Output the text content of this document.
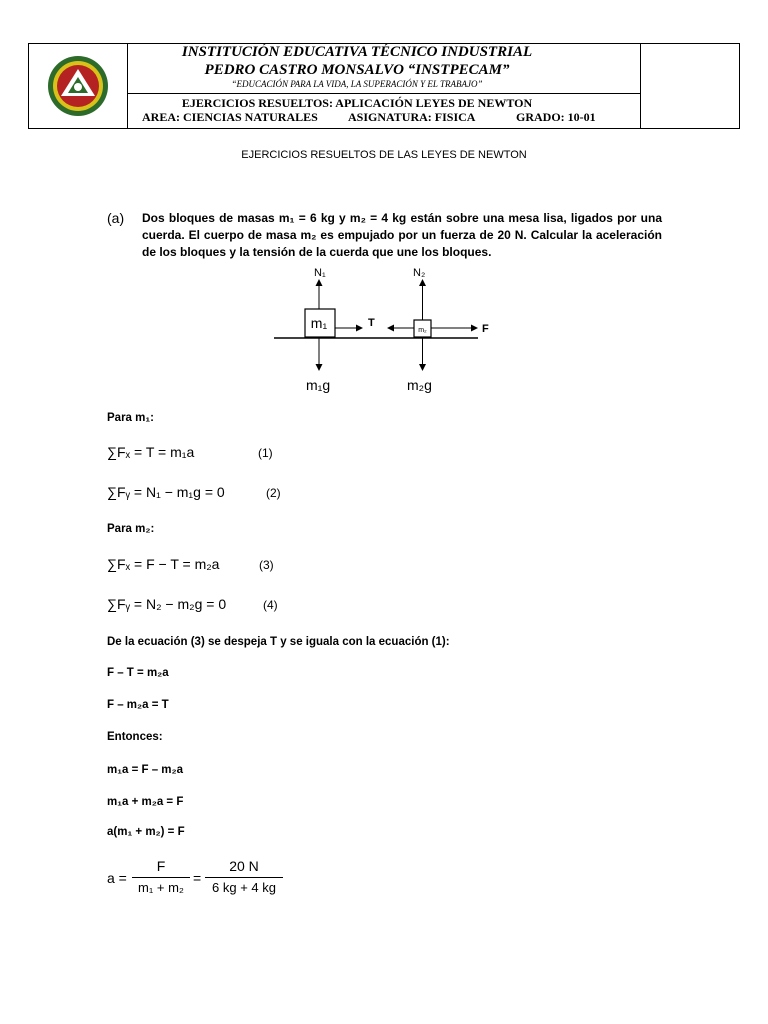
INSTITUCIÓN EDUCATIVA TÉCNICO INDUSTRIAL
PEDRO CASTRO MONSALVO “INSTPECAM”
“EDUCACIÓN PARA LA VIDA, LA SUPERACIÓN Y EL TRABAJO”
EJERCICIOS RESUELTOS: APLICACIÓN LEYES DE NEWTON
AREA: CIENCIAS NATURALES	ASIGNATURA: FISICA	GRADO: 10-01
EJERCICIOS RESUELTOS DE LAS LEYES DE NEWTON
(a) Dos bloques de masas m₁ = 6 kg y m₂ = 4 kg están sobre una mesa lisa, ligados por una cuerda. El cuerpo de masa m₂ es empujado por un fuerza de 20 N. Calcular la aceleración de los bloques y la tensión de la cuerda que une los bloques.
m₁	m₂
N₁	N₂
m₁g	m₂g
T	F
Para m₁:
∑Fₓ = T = m₁a	(1)
∑Fᵧ = N₁ − m₁g = 0	(2)
Para m₂:
∑Fₓ = F − T = m₂a	(3)
∑Fᵧ = N₂ − m₂g = 0	(4)
De la ecuación (3) se despeja T y se iguala con la ecuación (1):
F – T = m₂a
F – m₂a = T
Entonces:
m₁a = F – m₂a
m₁a + m₂a = F
a(m₁ + m₂) = F
a =
F
m₁ + m₂
=
20 N
6 kg + 4 kg
